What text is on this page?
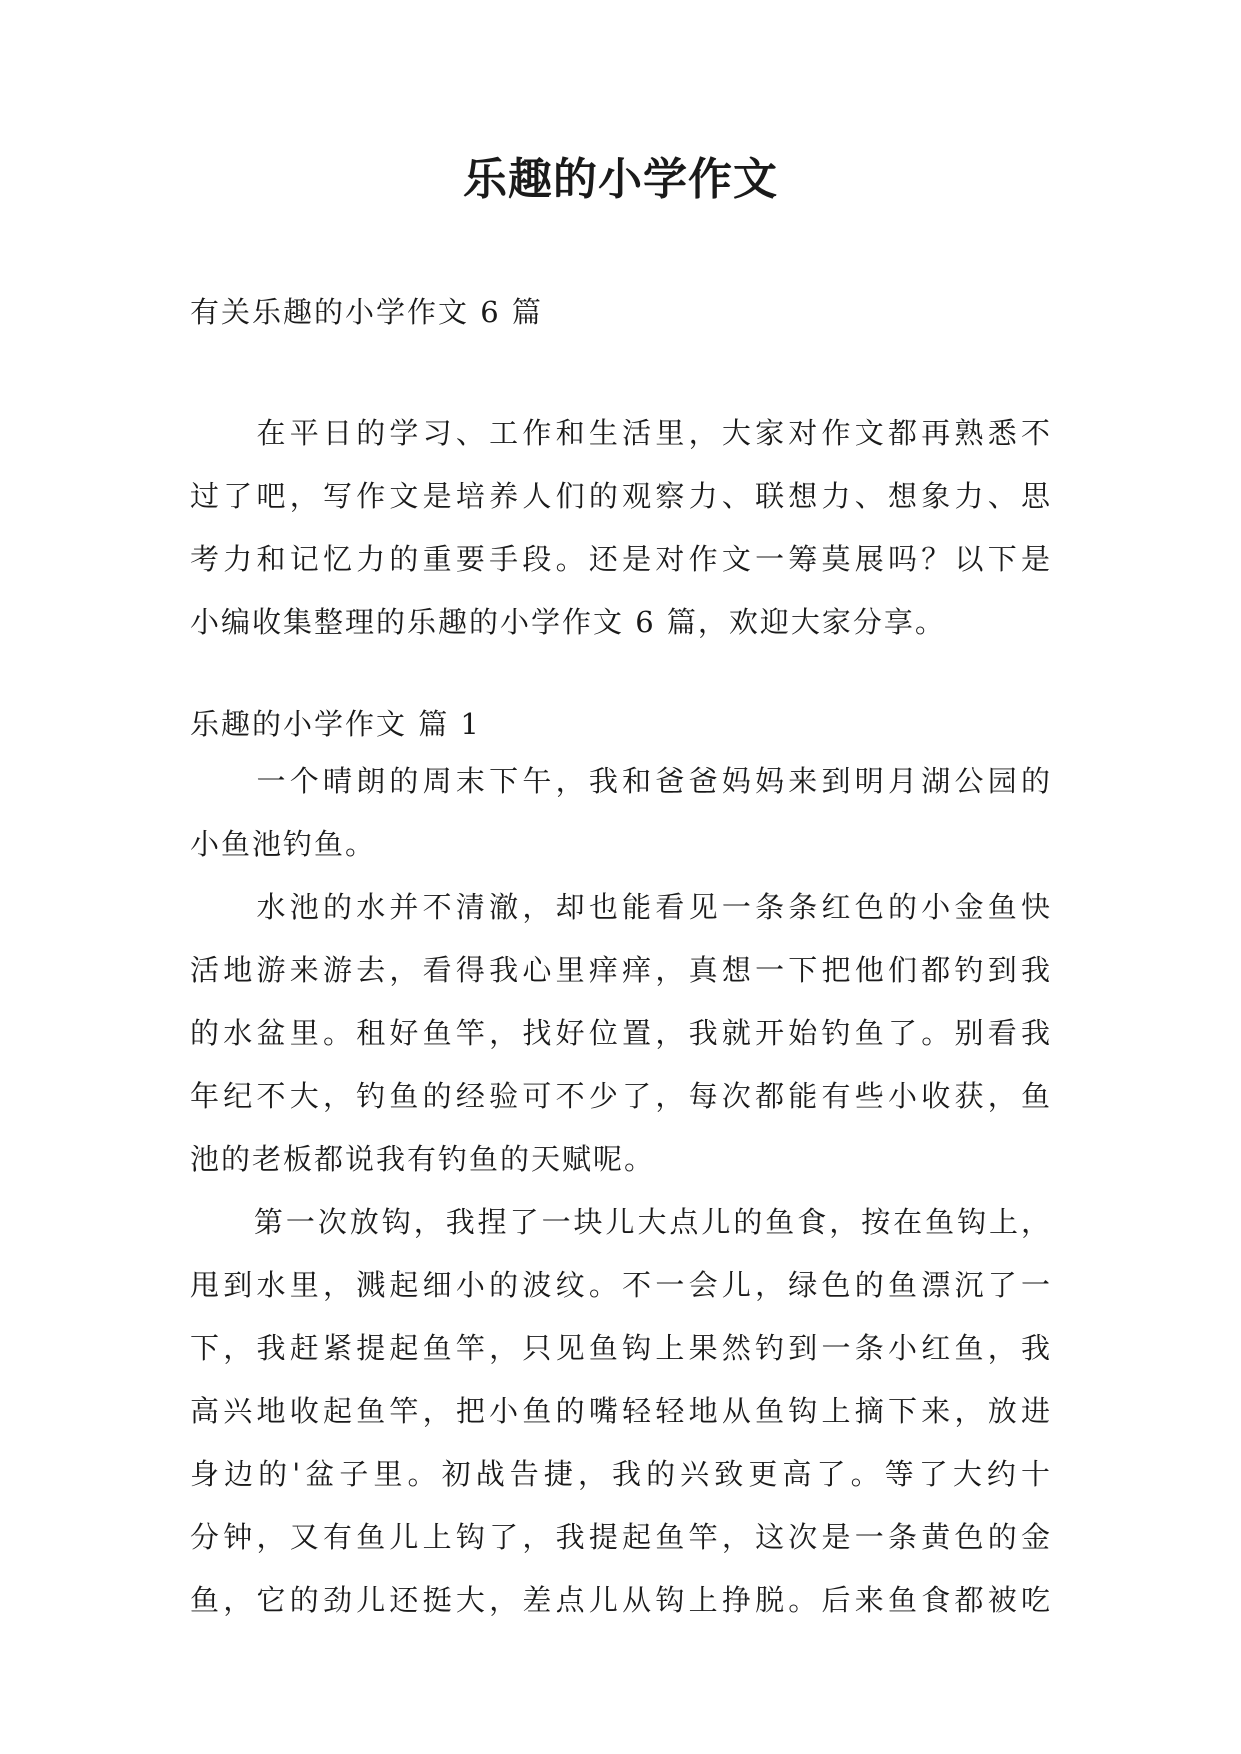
乐趣的小学作文
有关乐趣的小学作文 6 篇
　　在平日的学习、工作和生活里，大家对作文都再熟悉不
过了吧，写作文是培养人们的观察力、联想力、想象力、思
考力和记忆力的重要手段。还是对作文一筹莫展吗？以下是
小编收集整理的乐趣的小学作文 6 篇，欢迎大家分享。
乐趣的小学作文 篇 1
　　一个晴朗的周末下午，我和爸爸妈妈来到明月湖公园的
小鱼池钓鱼。
　　水池的水并不清澈，却也能看见一条条红色的小金鱼快
活地游来游去，看得我心里痒痒，真想一下把他们都钓到我
的水盆里。租好鱼竿，找好位置，我就开始钓鱼了。别看我
年纪不大，钓鱼的经验可不少了，每次都能有些小收获，鱼
池的老板都说我有钓鱼的天赋呢。
　　第一次放钩，我捏了一块儿大点儿的鱼食，按在鱼钩上，
甩到水里，溅起细小的波纹。不一会儿，绿色的鱼漂沉了一
下，我赶紧提起鱼竿，只见鱼钩上果然钓到一条小红鱼，我
高兴地收起鱼竿，把小鱼的嘴轻轻地从鱼钩上摘下来，放进
身边的'盆子里。初战告捷，我的兴致更高了。等了大约十
分钟，又有鱼儿上钩了，我提起鱼竿，这次是一条黄色的金
鱼，它的劲儿还挺大，差点儿从钩上挣脱。后来鱼食都被吃
